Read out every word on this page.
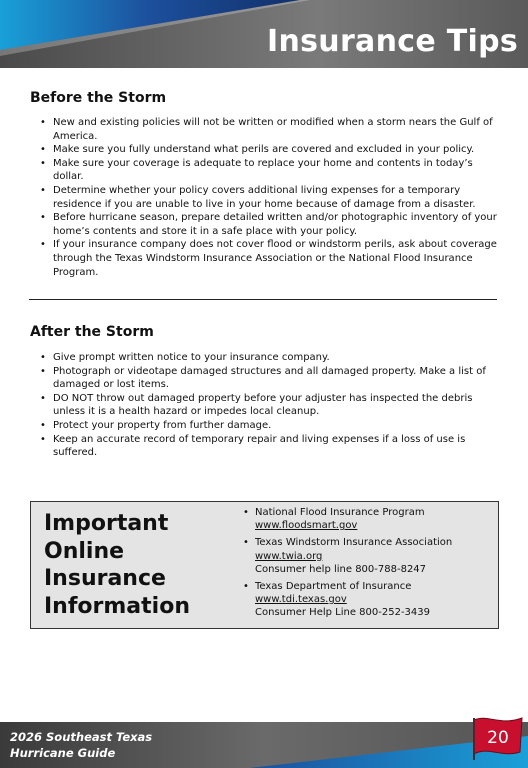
Insurance Tips
Before the Storm
• New and existing policies will not be written or modified when a storm nears the Gulf of America.
• Make sure you fully understand what perils are covered and excluded in your policy.
• Make sure your coverage is adequate to replace your home and contents in today’s dollar.
• Determine whether your policy covers additional living expenses for a temporary residence if you are unable to live in your home because of damage from a disaster.
• Before hurricane season, prepare detailed written and/or photographic inventory of your home’s contents and store it in a safe place with your policy.
• If your insurance company does not cover flood or windstorm perils, ask about coverage through the Texas Windstorm Insurance Association or the National Flood Insurance Program.
After the Storm
• Give prompt written notice to your insurance company.
• Photograph or videotape damaged structures and all damaged property. Make a list of damaged or lost items.
• DO NOT throw out damaged property before your adjuster has inspected the debris unless it is a health hazard or impedes local cleanup.
• Protect your property from further damage.
• Keep an accurate record of temporary repair and living expenses if a loss of use is suffered.
Important Online Insurance Information
• National Flood Insurance Program
www.floodsmart.gov
• Texas Windstorm Insurance Association
www.twia.org
Consumer help line 800-788-8247
• Texas Department of Insurance
www.tdi.texas.gov
Consumer Help Line 800-252-3439
2026 Southeast Texas
Hurricane Guide
20
